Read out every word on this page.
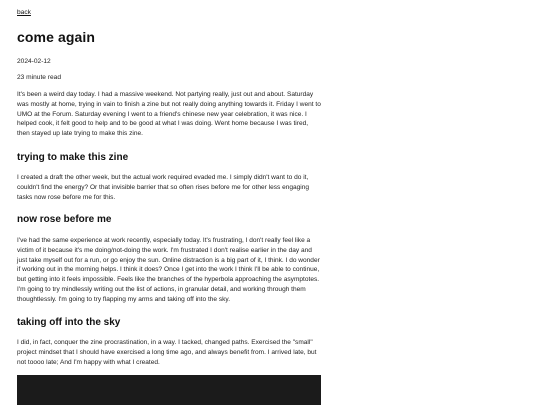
back
come again

2024-02-12

23 minute read

It's been a weird day today. I had a massive weekend. Not partying really, just out and about. Saturday was mostly at home, trying in vain to finish a zine but not really doing anything towards it. Friday I went to UMO at the Forum. Saturday evening I went to a friend's chinese new year celebration, it was nice. I helped cook, it felt good to help and to be good at what I was doing. Went home because I was tired, then stayed up late trying to make this zine.

trying to make this zine

I created a draft the other week, but the actual work required evaded me. I simply didn't want to do it, couldn't find the energy? Or that invisible barrier that so often rises before me for other less engaging tasks now rose before me for this.

now rose before me

I've had the same experience at work recently, especially today. It's frustrating, I don't really feel like a victim of it because it's me doing/not-doing the work. I'm frustrated I don't realise earlier in the day and just take myself out for a run, or go enjoy the sun. Online distraction is a big part of it, I think. I do wonder if working out in the morning helps. I think it does? Once I get into the work I think I'll be able to continue, but getting into it feels impossible. Feels like the branches of the hyperbola approaching the asymptotes. I'm going to try mindlessly writing out the list of actions, in granular detail, and working through them thoughtlessly. I'm going to try flapping my arms and taking off into the sky.

taking off into the sky

I did, in fact, conquer the zine procrastination, in a way. I tacked, changed paths. Exercised the "small" project mindset that I should have exercised a long time ago, and always benefit from. I arrived late, but not toooo late; And I'm happy with what I created.
